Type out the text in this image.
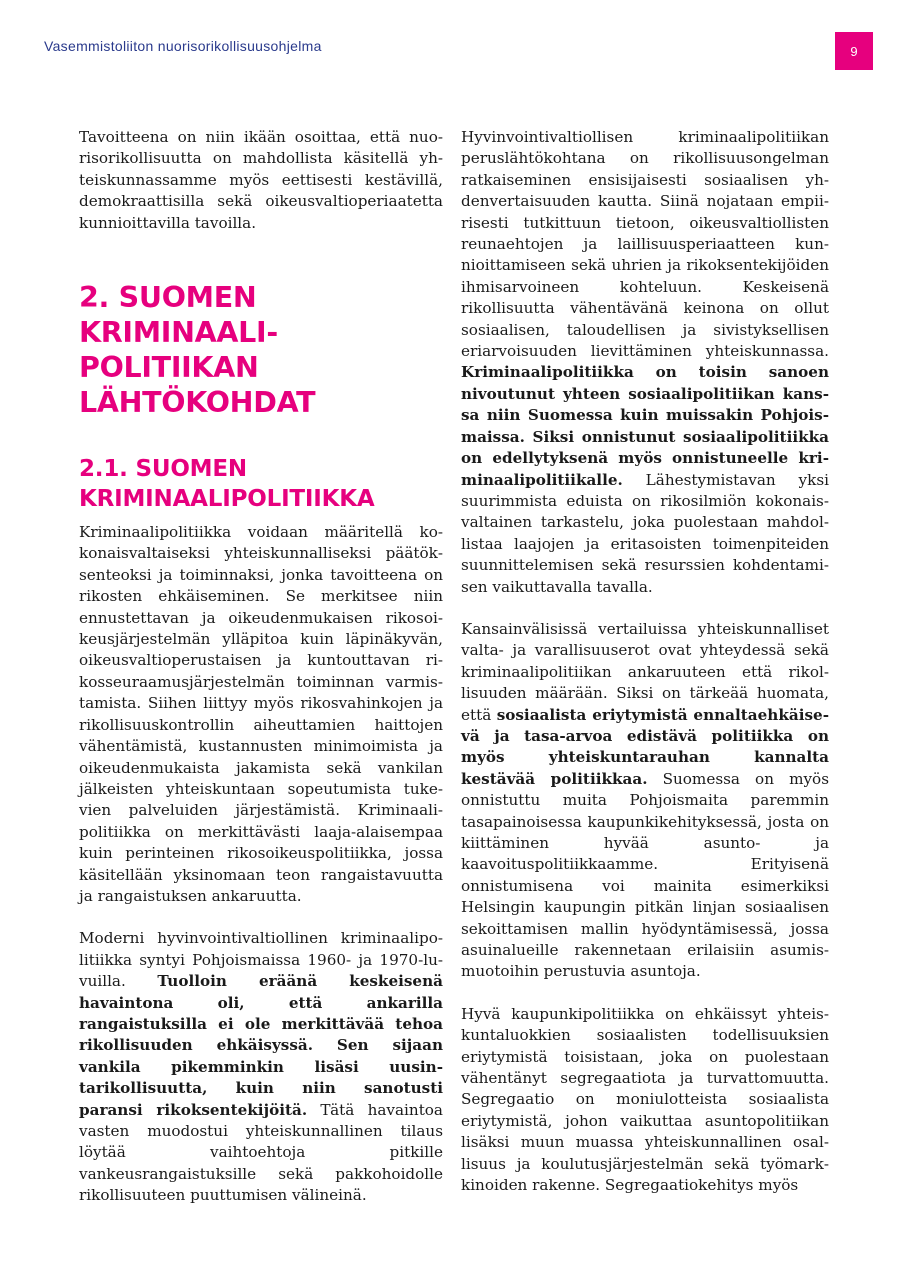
Vasemmistoliiton nuorisorikollisuusohjelma	9

Tavoitteena on niin ikään osoittaa, että nuorisorikollisuutta on mahdollista käsitellä yhteiskunnassamme myös eettisesti kestävillä, demokraattisilla sekä oikeusvaltioperiaatetta kunnioittavilla tavoilla.

2. SUOMEN
KRIMINAALI-
POLITIIKAN
LÄHTÖKOHDAT
2.1. SUOMEN
KRIMINAALIPOLITIIKKA

Kriminaalipolitiikka voidaan määritellä kokonaisvaltaiseksi yhteiskunnalliseksi päätöksenteoksi ja toiminnaksi, jonka tavoitteena on rikosten ehkäiseminen. Se merkitsee niin ennustettavan ja oikeudenmukaisen rikosoikeusjärjestelmän ylläpitoa kuin läpinäkyvän, oikeusvaltioperustaisen ja kuntouttavan rikosseuraamusjärjestelmän toiminnan varmistamista. Siihen liittyy myös rikosvahinkojen ja rikollisuuskontrollin aiheuttamien haittojen vähentämistä, kustannusten minimoimista ja oikeudenmukaista jakamista sekä vankilan jälkeisten yhteiskuntaan sopeutumista tukevien palveluiden järjestämistä. Kriminaalipolitiikka on merkittävästi laaja-alaisempaa kuin perinteinen rikosoikeuspolitiikka, jossa käsitellään yksinomaan teon rangaistavuutta ja rangaistuksen ankaruutta.

Moderni hyvinvointivaltiollinen kriminaalipolitiikka syntyi Pohjoismaissa 1960- ja 1970-luvuilla. Tuolloin eräänä keskeisenä havaintona oli, että ankarilla rangaistuksilla ei ole merkittävää tehoa rikollisuuden ehkäisyssä. Sen sijaan vankila pikemminkin lisäsi uusintarikollisuutta, kuin niin sanotusti paransi rikoksentekijöitä. Tätä havaintoa vasten muodostui yhteiskunnallinen tilaus löytää vaihtoehtoja pitkille vankeusrangaistuksille sekä pakkohoidolle rikollisuuteen puuttumisen välineinä.

Hyvinvointivaltiollisen kriminaalipolitiikan peruslähtökohtana on rikollisuusongelman ratkaiseminen ensisijaisesti sosiaalisen yhdenvertaisuuden kautta. Siinä nojataan empiirisesti tutkittuun tietoon, oikeusvaltiollisten reunaehtojen ja laillisuusperiaatteen kunnioittamiseen sekä uhrien ja rikoksentekijöiden ihmisarvoineen kohteluun. Keskeisenä rikollisuutta vähentävänä keinona on ollut sosiaalisen, taloudellisen ja sivistyksellisen eriarvoisuuden lievittäminen yhteiskunnassa. Kriminaalipolitiikka on toisin sanoen nivoutunut yhteen sosiaalipolitiikan kanssa niin Suomessa kuin muissakin Pohjoismaissa. Siksi onnistunut sosiaalipolitiikka on edellytyksenä myös onnistuneelle kriminaalipolitiikalle. Lähestymistavan yksi suurimmista eduista on rikosilmiön kokonaisvaltainen tarkastelu, joka puolestaan mahdollistaa laajojen ja eritasoisten toimenpiteiden suunnittelemisen sekä resurssien kohdentamisen vaikuttavalla tavalla.

Kansainvälisissä vertailuissa yhteiskunnalliset valta- ja varallisuuserot ovat yhteydessä sekä kriminaalipolitiikan ankaruuteen että rikollisuuden määrään. Siksi on tärkeää huomata, että sosiaalista eriytymistä ennaltaehkäisevä ja tasa-arvoa edistävä politiikka on myös yhteiskuntarauhan kannalta kestävää politiikkaa. Suomessa on myös onnistuttu muita Pohjoismaita paremmin tasapainoisessa kaupunkikehityksessä, josta on kiittäminen hyvää asunto- ja kaavoituspolitiikkaamme. Erityisenä onnistumisena voi mainita esimerkiksi Helsingin kaupungin pitkän linjan sosiaalisen sekoittamisen mallin hyödyntämisessä, jossa asuinalueille rakennetaan erilaisiin asumismuotoihin perustuvia asuntoja.

Hyvä kaupunkipolitiikka on ehkäissyt yhteiskuntaluokkien sosiaalisten todellisuuksien eriytymistä toisistaan, joka on puolestaan vähentänyt segregaatiota ja turvattomuutta. Segregaatio on moniulotteista sosiaalista eriytymistä, johon vaikuttaa asuntopolitiikan lisäksi muun muassa yhteiskunnallinen osallisuus ja koulutusjärjestelmän sekä työmarkkinoiden rakenne. Segregaatiokehitys myös
